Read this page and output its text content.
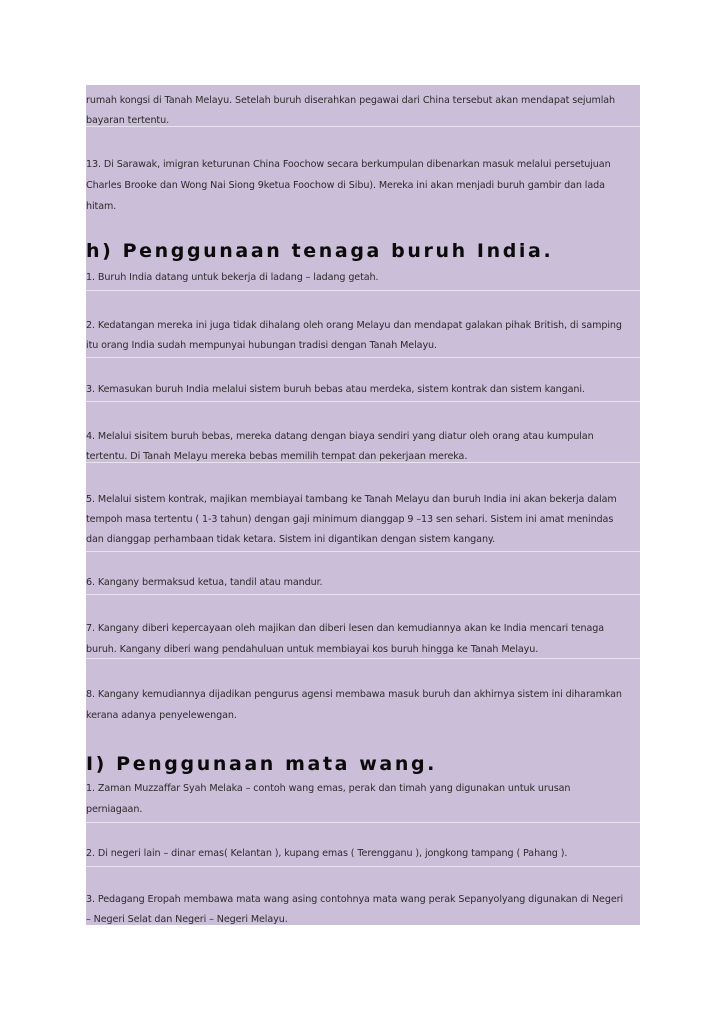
rumah kongsi di Tanah Melayu. Setelah buruh diserahkan pegawai dari China tersebut akan mendapat sejumlah
bayaran tertentu.
13. Di Sarawak, imigran keturunan China Foochow secara berkumpulan dibenarkan masuk melalui persetujuan
Charles Brooke dan Wong Nai Siong 9ketua Foochow di Sibu). Mereka ini akan menjadi buruh gambir dan lada
hitam.
h) Penggunaan tenaga buruh India.
1. Buruh India datang untuk bekerja di ladang – ladang getah.
2. Kedatangan mereka ini juga tidak dihalang oleh orang Melayu dan mendapat galakan pihak British, di samping
itu orang India sudah mempunyai hubungan tradisi dengan Tanah Melayu.
3. Kemasukan buruh India melalui sistem buruh bebas atau merdeka, sistem kontrak dan sistem kangani.
4. Melalui sisitem buruh bebas, mereka datang dengan biaya sendiri yang diatur oleh orang atau kumpulan
tertentu. Di Tanah Melayu mereka bebas memilih tempat dan pekerjaan mereka.
5. Melalui sistem kontrak, majikan membiayai tambang ke Tanah Melayu dan buruh India ini akan bekerja dalam
tempoh masa tertentu ( 1-3 tahun) dengan gaji minimum dianggap 9 –13 sen sehari. Sistem ini amat menindas
dan dianggap perhambaan tidak ketara. Sistem ini digantikan dengan sistem kangany.
6. Kangany bermaksud ketua, tandil atau mandur.
7. Kangany diberi kepercayaan oleh majikan dan diberi lesen dan kemudiannya akan ke India mencari tenaga
buruh. Kangany diberi wang pendahuluan untuk membiayai kos buruh hingga ke Tanah Melayu.
8. Kangany kemudiannya dijadikan pengurus agensi membawa masuk buruh dan akhirnya sistem ini diharamkan
kerana adanya penyelewengan.
I) Penggunaan mata wang.
1. Zaman Muzzaffar Syah Melaka – contoh wang emas, perak dan timah yang digunakan untuk urusan
perniagaan.
2. Di negeri lain – dinar emas( Kelantan ), kupang emas ( Terengganu ), jongkong tampang ( Pahang ).
3. Pedagang Eropah membawa mata wang asing contohnya mata wang perak Sepanyolyang digunakan di Negeri
– Negeri Selat dan Negeri – Negeri Melayu.
